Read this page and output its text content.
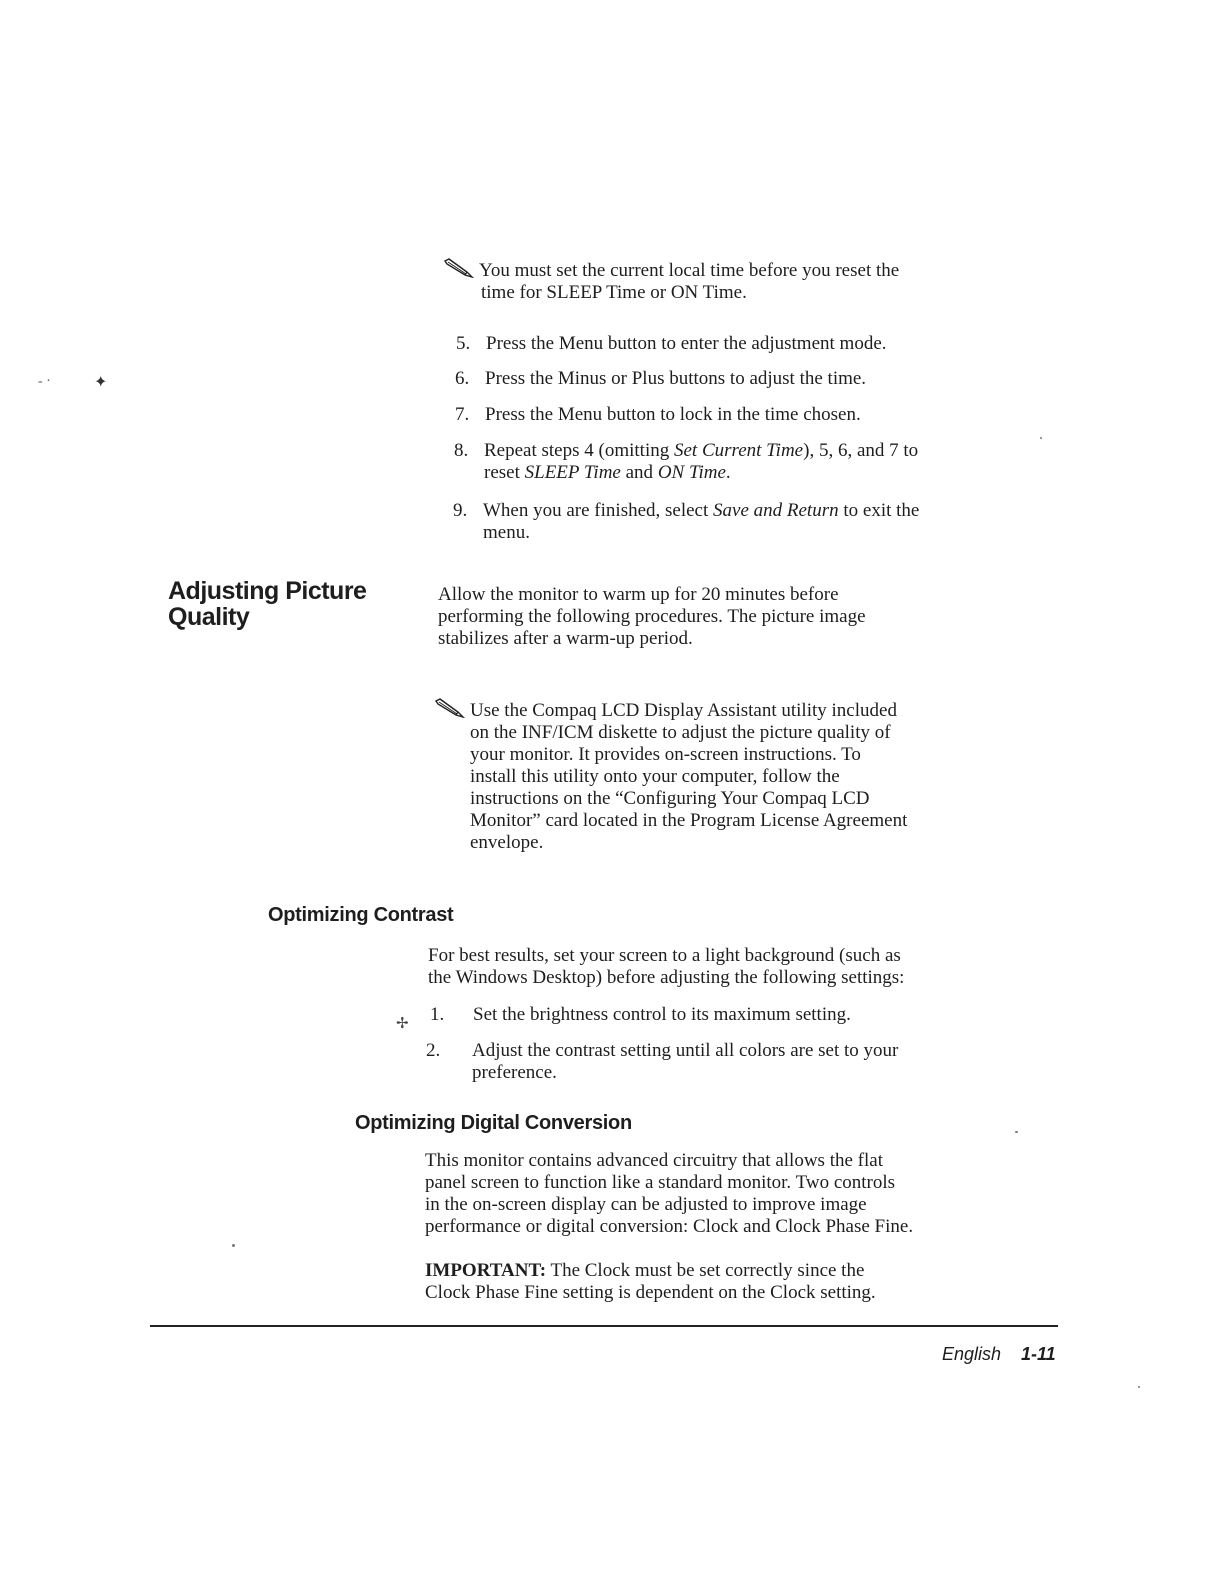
- ·	✦
✢
You must set the current local time before you reset the
time for SLEEP Time or ON Time.
5. Press the Menu button to enter the adjustment mode.
6. Press the Minus or Plus buttons to adjust the time.
7. Press the Menu button to lock in the time chosen.
8. Repeat steps 4 (omitting Set Current Time), 5, 6, and 7 to
reset SLEEP Time and ON Time.
9. When you are finished, select Save and Return to exit the
menu.
Adjusting Picture
Quality
Allow the monitor to warm up for 20 minutes before
performing the following procedures. The picture image
stabilizes after a warm-up period.
Use the Compaq LCD Display Assistant utility included
on the INF/ICM diskette to adjust the picture quality of
your monitor. It provides on-screen instructions. To
install this utility onto your computer, follow the
instructions on the “Configuring Your Compaq LCD
Monitor” card located in the Program License Agreement
envelope.
Optimizing Contrast
For best results, set your screen to a light background (such as
the Windows Desktop) before adjusting the following settings:
1.	Set the brightness control to its maximum setting.
2.	Adjust the contrast setting until all colors are set to your
preference.
Optimizing Digital Conversion
This monitor contains advanced circuitry that allows the flat
panel screen to function like a standard monitor. Two controls
in the on-screen display can be adjusted to improve image
performance or digital conversion: Clock and Clock Phase Fine.
IMPORTANT: The Clock must be set correctly since the
Clock Phase Fine setting is dependent on the Clock setting.
English 1-11
